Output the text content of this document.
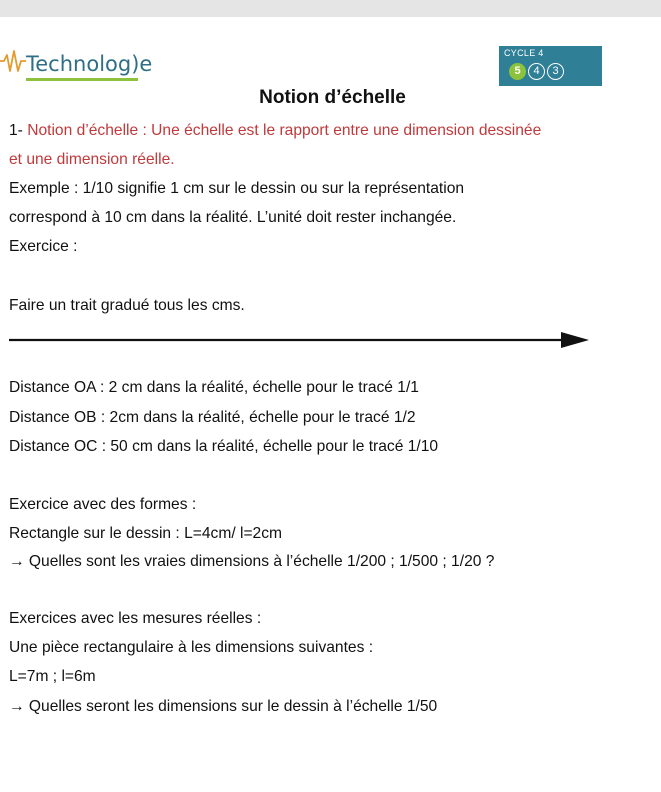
Technolog)e	CYCLE 4
5	4	3
Notion d’échelle
1- Notion d’échelle : Une échelle est le rapport entre une dimension dessinée
et une dimension réelle.
Exemple : 1/10 signifie 1 cm sur le dessin ou sur la représentation
correspond à 10 cm dans la réalité. L’unité doit rester inchangée.
Exercice :
Faire un trait gradué tous les cms.
Distance OA : 2 cm dans la réalité, échelle pour le tracé 1/1
Distance OB : 2cm dans la réalité, échelle pour le tracé 1/2
Distance OC : 50 cm dans la réalité, échelle pour le tracé 1/10
Exercice avec des formes :
Rectangle sur le dessin : L=4cm/ l=2cm
→ Quelles sont les vraies dimensions à l’échelle 1/200 ; 1/500 ; 1/20 ?
Exercices avec les mesures réelles :
Une pièce rectangulaire à les dimensions suivantes :
L=7m ; l=6m
→ Quelles seront les dimensions sur le dessin à l’échelle 1/50
